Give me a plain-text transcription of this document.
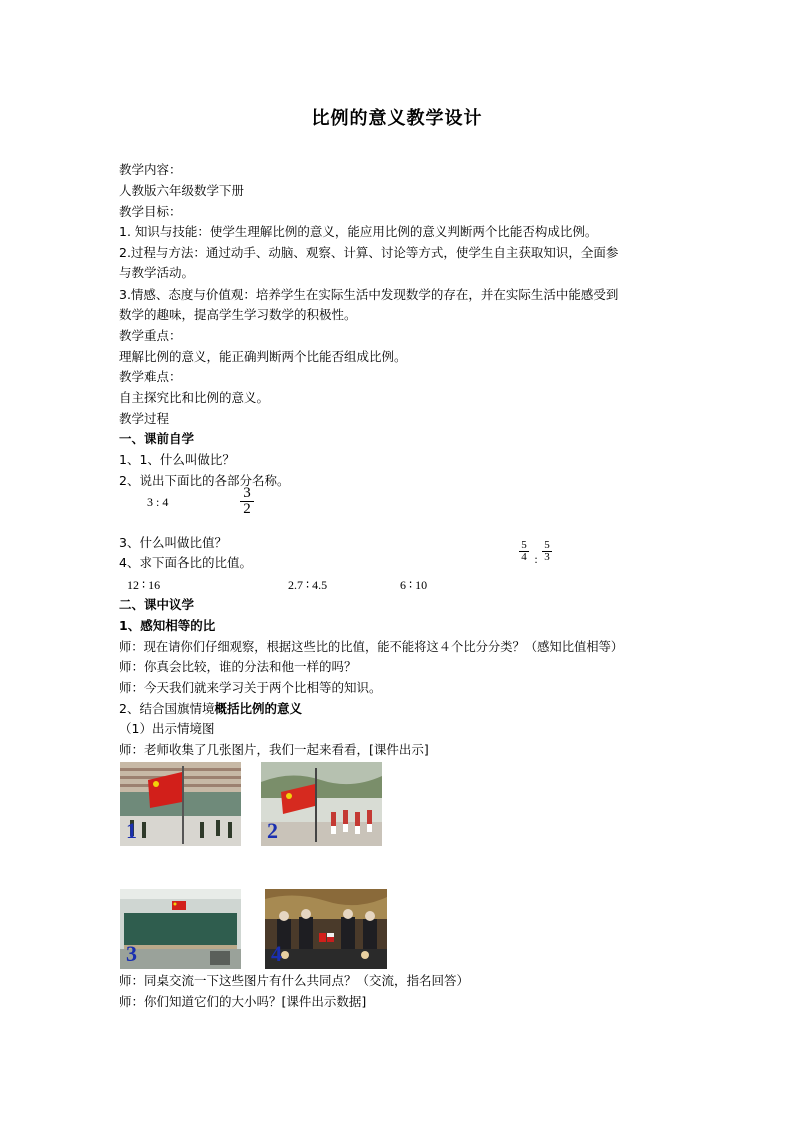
比例的意义教学设计
教学内容：
人教版六年级数学下册
教学目标：
1. 知识与技能：使学生理解比例的意义，能应用比例的意义判断两个比能否构成比例。
2.过程与方法：通过动手、动脑、观察、计算、讨论等方式，使学生自主获取知识，全面参
与教学活动。
3.情感、态度与价值观：培养学生在实际生活中发现数学的存在，并在实际生活中能感受到
数学的趣味，提高学生学习数学的积极性。
教学重点：
理解比例的意义，能正确判断两个比能否组成比例。
教学难点：
自主探究比和比例的意义。
教学过程
一、课前自学
1、1、什么叫做比？
2、说出下面比的各部分名称。
3 : 4
3
2
3、什么叫做比值？
4、求下面各比的比值。
5
4 :
5
3
12 ∶ 16	2.7 ∶ 4.5	6 ∶ 10
二、课中议学
1、感知相等的比
师：现在请你们仔细观察，根据这些比的比值，能不能将这４个比分分类？（感知比值相等）
师：你真会比较，谁的分法和他一样的吗？
师：今天我们就来学习关于两个比相等的知识。
2、结合国旗情境概括比例的意义
（1）出示情境图
师：老师收集了几张图片，我们一起来看看，[课件出示]
1	2
3	4
师：同桌交流一下这些图片有什么共同点？（交流，指名回答）
师：你们知道它们的大小吗？[课件出示数据]
